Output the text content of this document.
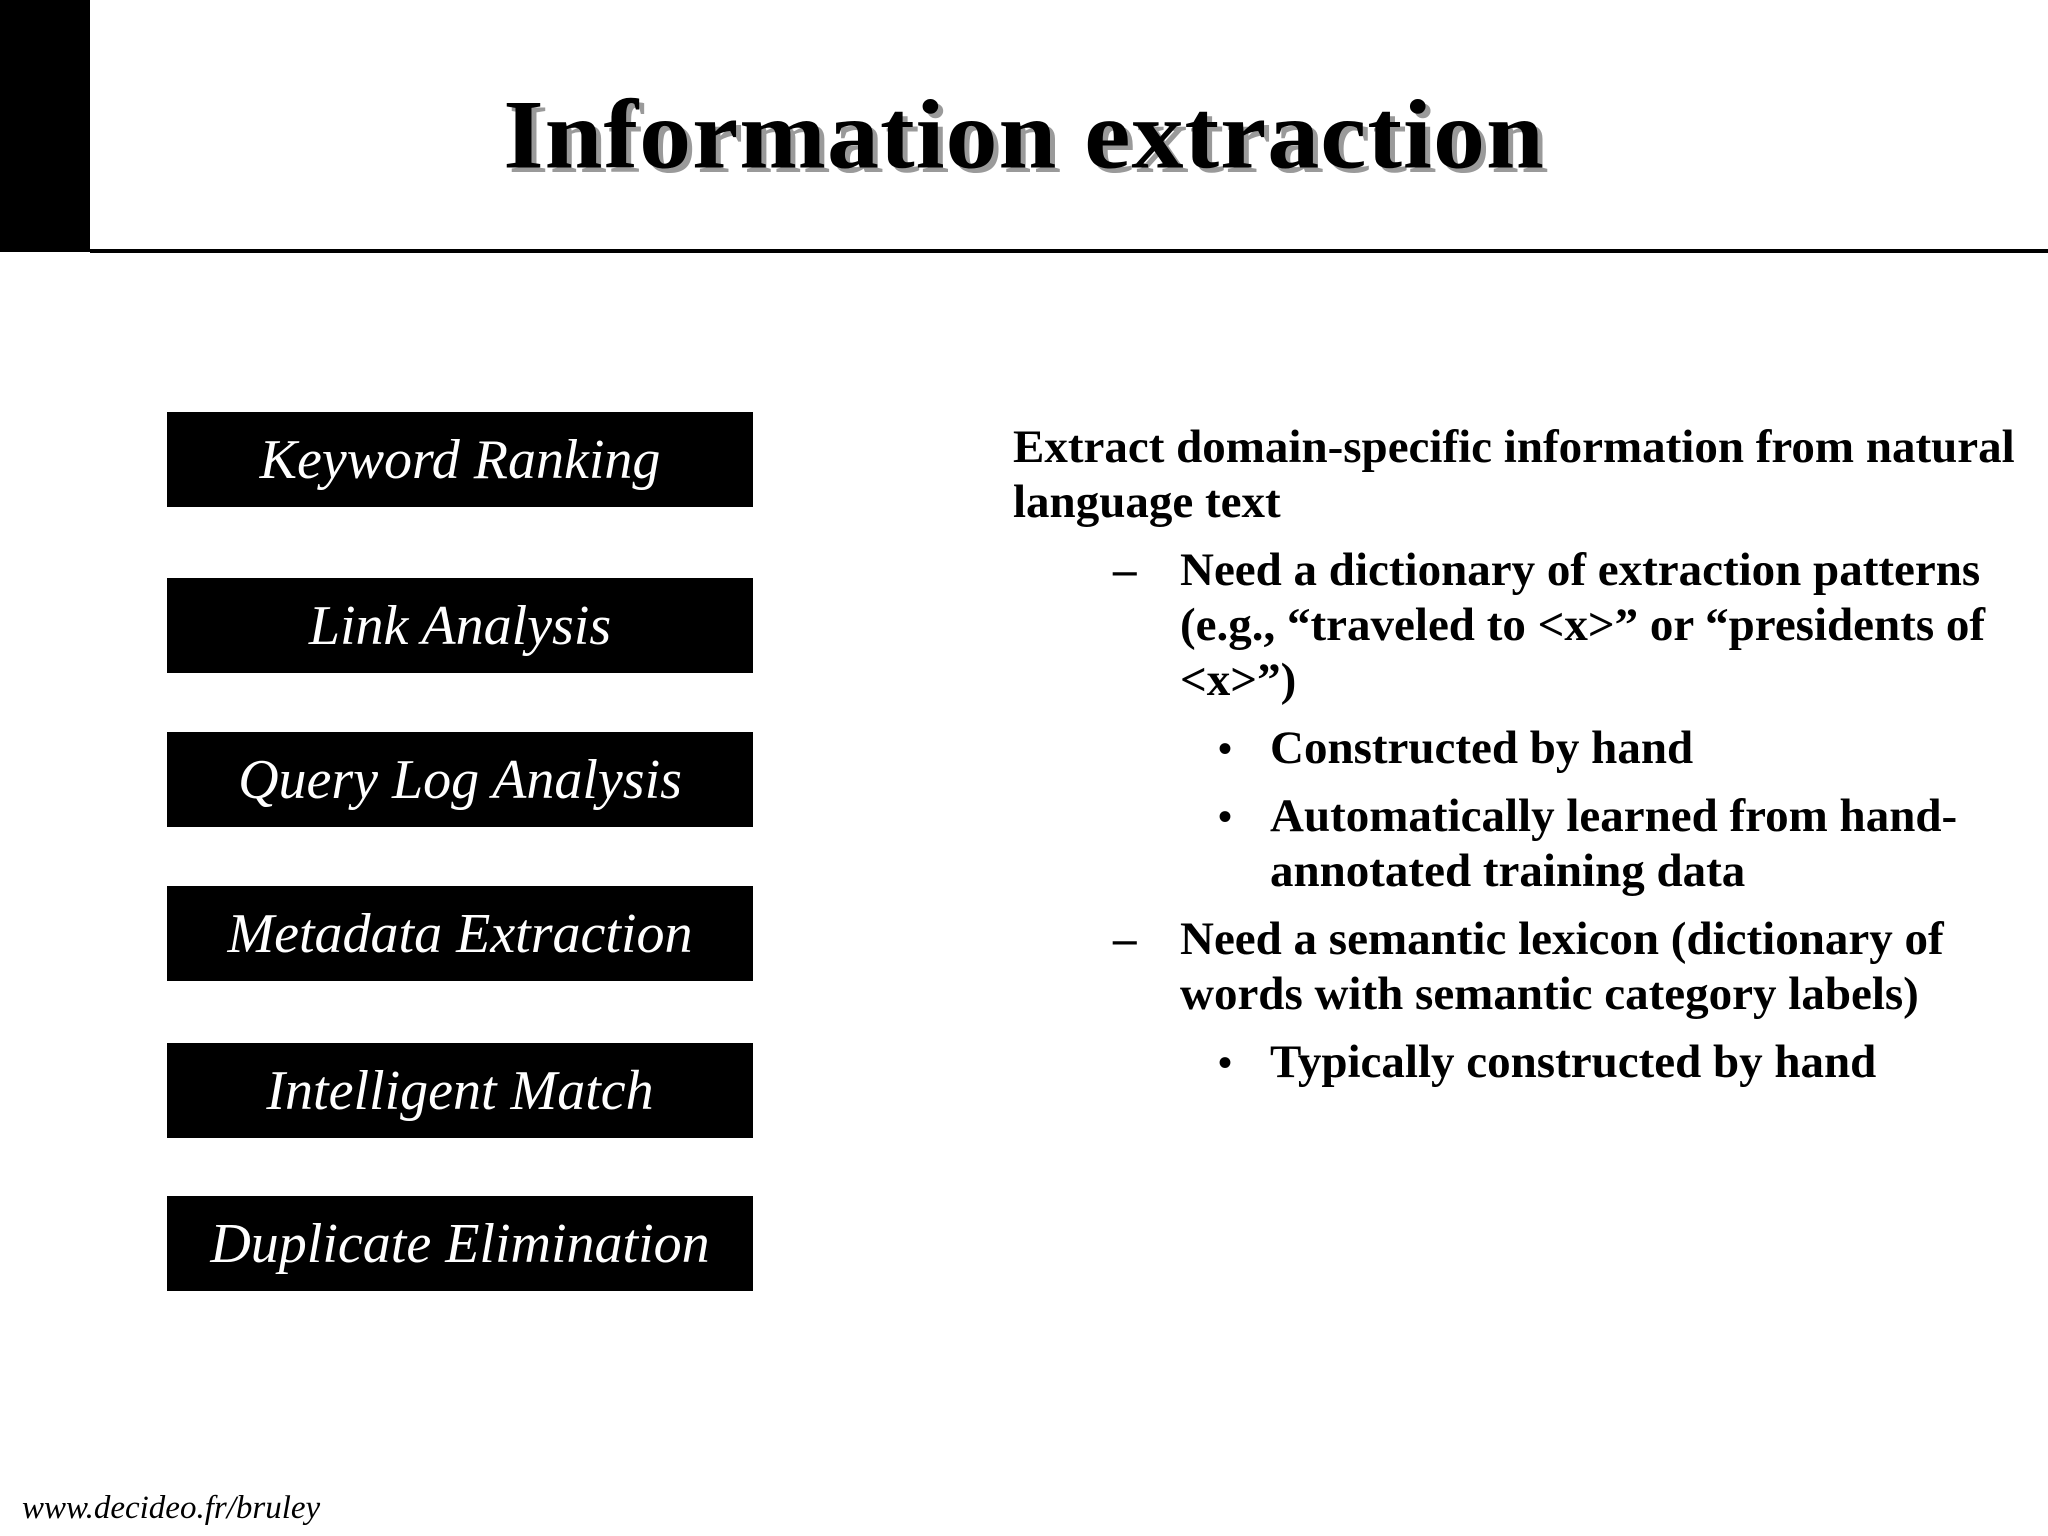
Information extraction
Keyword Ranking
Link Analysis
Query Log Analysis
Metadata Extraction
Intelligent Match
Duplicate Elimination
Extract domain-specific information from natural language text
– Need a dictionary of extraction patterns (e.g., “traveled to <x>” or “presidents of <x>”)
• Constructed by hand
• Automatically learned from hand-annotated training data
– Need a semantic lexicon (dictionary of words with semantic category labels)
• Typically constructed by hand
www.decideo.fr/bruley
